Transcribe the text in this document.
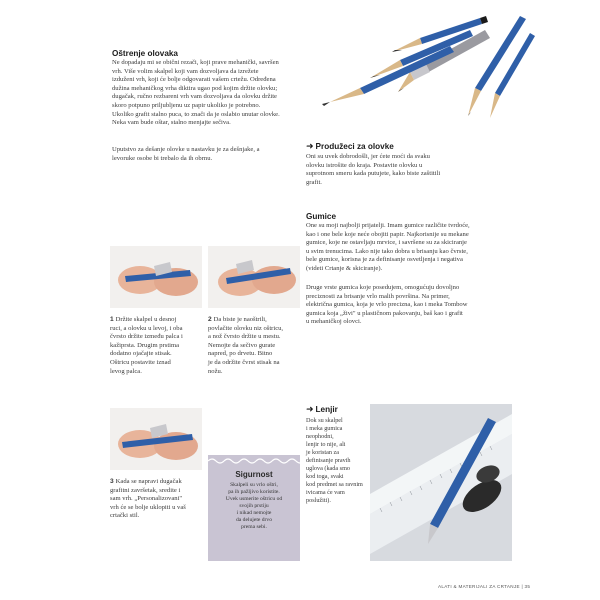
Oštrenje olovaka
Ne dopadaju mi se obični rezači, koji prave mehanički, savršen
vrh. Više volim skalpel koji vam dozvoljava da izrežete
izduženi vrh, koji će bolje odgovarati vašem crtežu. Određena
dužina mehaničkog vrha diktira ugao pod kojim držite olovku;
dugačak, ručno rezbareni vrh vam dozvoljava da olovku držite
skoro potpuno priljubljenu uz papir ukoliko je potrebno.
Ukoliko grafit stalno puca, to znači da je oslabio unutar olovke.
Neka vam bude oštar, stalno menjajte sečiva.
Uputstvo za dešanje olovke u nastavku je za dešnjake, a
levoruke osobe bi trebalo da ih obrnu.
➜ Produžeci za olovke
Oni su uvek dobrodošli, jer ćete moći da svaku
olovku istrošite do kraja. Postavite olovku u
suprotnom smeru kada putujete, kako biste zaštitili
grafit.
Gumice
One su moji najbolji prijatelji. Imam gumice različite tvrdoće,
kao i one bele koje neće obojiti papir. Najkorisnije su mekane
gumice, koje ne ostavljaju mrvice, i savršene su za skiciranje
u svim trenucima. Lako nije tako dobra u brisanju kao čvrste,
bele gumice, korisna je za definisanje osvetljenja i negativa
(videti Crtanje & skiciranje).
Druge vrste gumica koje posedujem, omogućuju dovoljno
preciznosti za brisanje vrlo malih površina. Na primer,
električna gumica, koja je vrlo precizna, kao i meka Tombow
gumica koja „živi" u plastičnom pakovanju, baš kao i grafit
u mehaničkoj olovci.
1 Držite skalpel u desnoj
ruci, a olovku u levoj, i oba
čvrsto držite između palca i
kažiprsta. Drugim prstima
dodatno ojačajte stisak.
Oštricu postavite iznad
levog palca.
2 Da biste je naoštrili,
povlačite olovku niz oštricu,
a nož čvrsto držite u mestu.
Nemojte da sečivo gurate
napred, po drvetu. Bitno
je da održite čvrst stisak na
nožu.
3 Kada se napravi dugačak
grafitni završetak, sredite i
sam vrh. „Personalizovani"
vrh će se bolje uklopiti u vaš
crtački stil.
Sigurnost
Skalpeli su vrlo oštri,
pa ih pažljivo koristite.
Uvek usmerite oštricu od
svojih prstiju
i nikad nemojte
da delujete drvo
prema sebi.
➜ Lenjir
Dok su skalpel
i meka gumica
neophodni,
lenjir to nije, ali
je koristan za
definisanje pravih
uglova (kada smo
kod toga, svaki
kod predmet sa ravnim
ivicama će vam
poslužiti).
ALATI & MATERIJALI ZA CRTANJE | 35
